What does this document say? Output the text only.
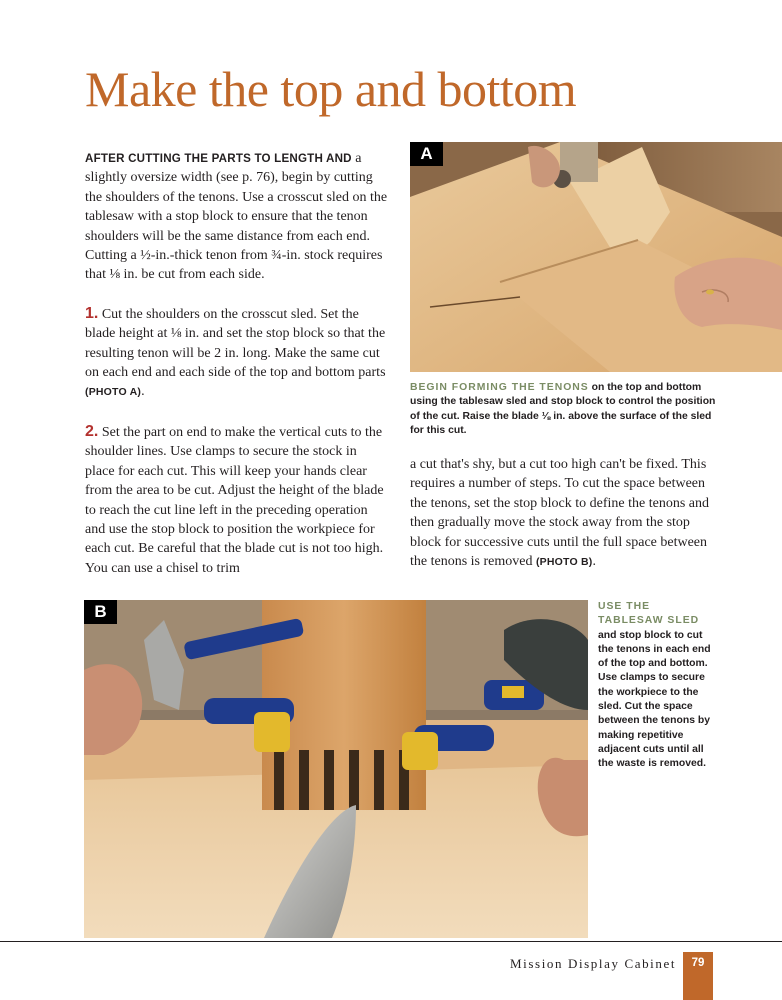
Make the top and bottom

AFTER CUTTING THE PARTS TO LENGTH AND a slightly oversize width (see p. 76), begin by cutting the shoulders of the tenons. Use a crosscut sled on the tablesaw with a stop block to ensure that the tenon shoulders will be the same distance from each end. Cutting a ½-in.-thick tenon from ¾-in. stock requires that ⅛ in. be cut from each side.

1. Cut the shoulders on the crosscut sled. Set the blade height at ⅛ in. and set the stop block so that the resulting tenon will be 2 in. long. Make the same cut on each end and each side of the top and bottom parts (PHOTO A).

2. Set the part on end to make the vertical cuts to the shoulder lines. Use clamps to secure the stock in place for each cut. This will keep your hands clear from the area to be cut. Adjust the height of the blade to reach the cut line left in the preceding operation and use the stop block to position the workpiece for each cut. Be careful that the blade cut is not too high. You can use a chisel to trim

a cut that's shy, but a cut too high can't be fixed. This requires a number of steps. To cut the space between the tenons, set the stop block to define the tenons and then gradually move the stock away from the stop block for successive cuts until the full space between the tenons is removed (PHOTO B).

A
BEGIN FORMING THE TENONS on the top and bottom using the tablesaw sled and stop block to control the position of the cut. Raise the blade ⅛ in. above the surface of the sled for this cut.
B	USE THE TABLESAW SLED
and stop block to cut the tenons in each end of the top and bottom. Use clamps to secure the workpiece to the sled. Cut the space between the tenons by making repetitive adjacent cuts until all the waste is removed.
Mission Display Cabinet	79
